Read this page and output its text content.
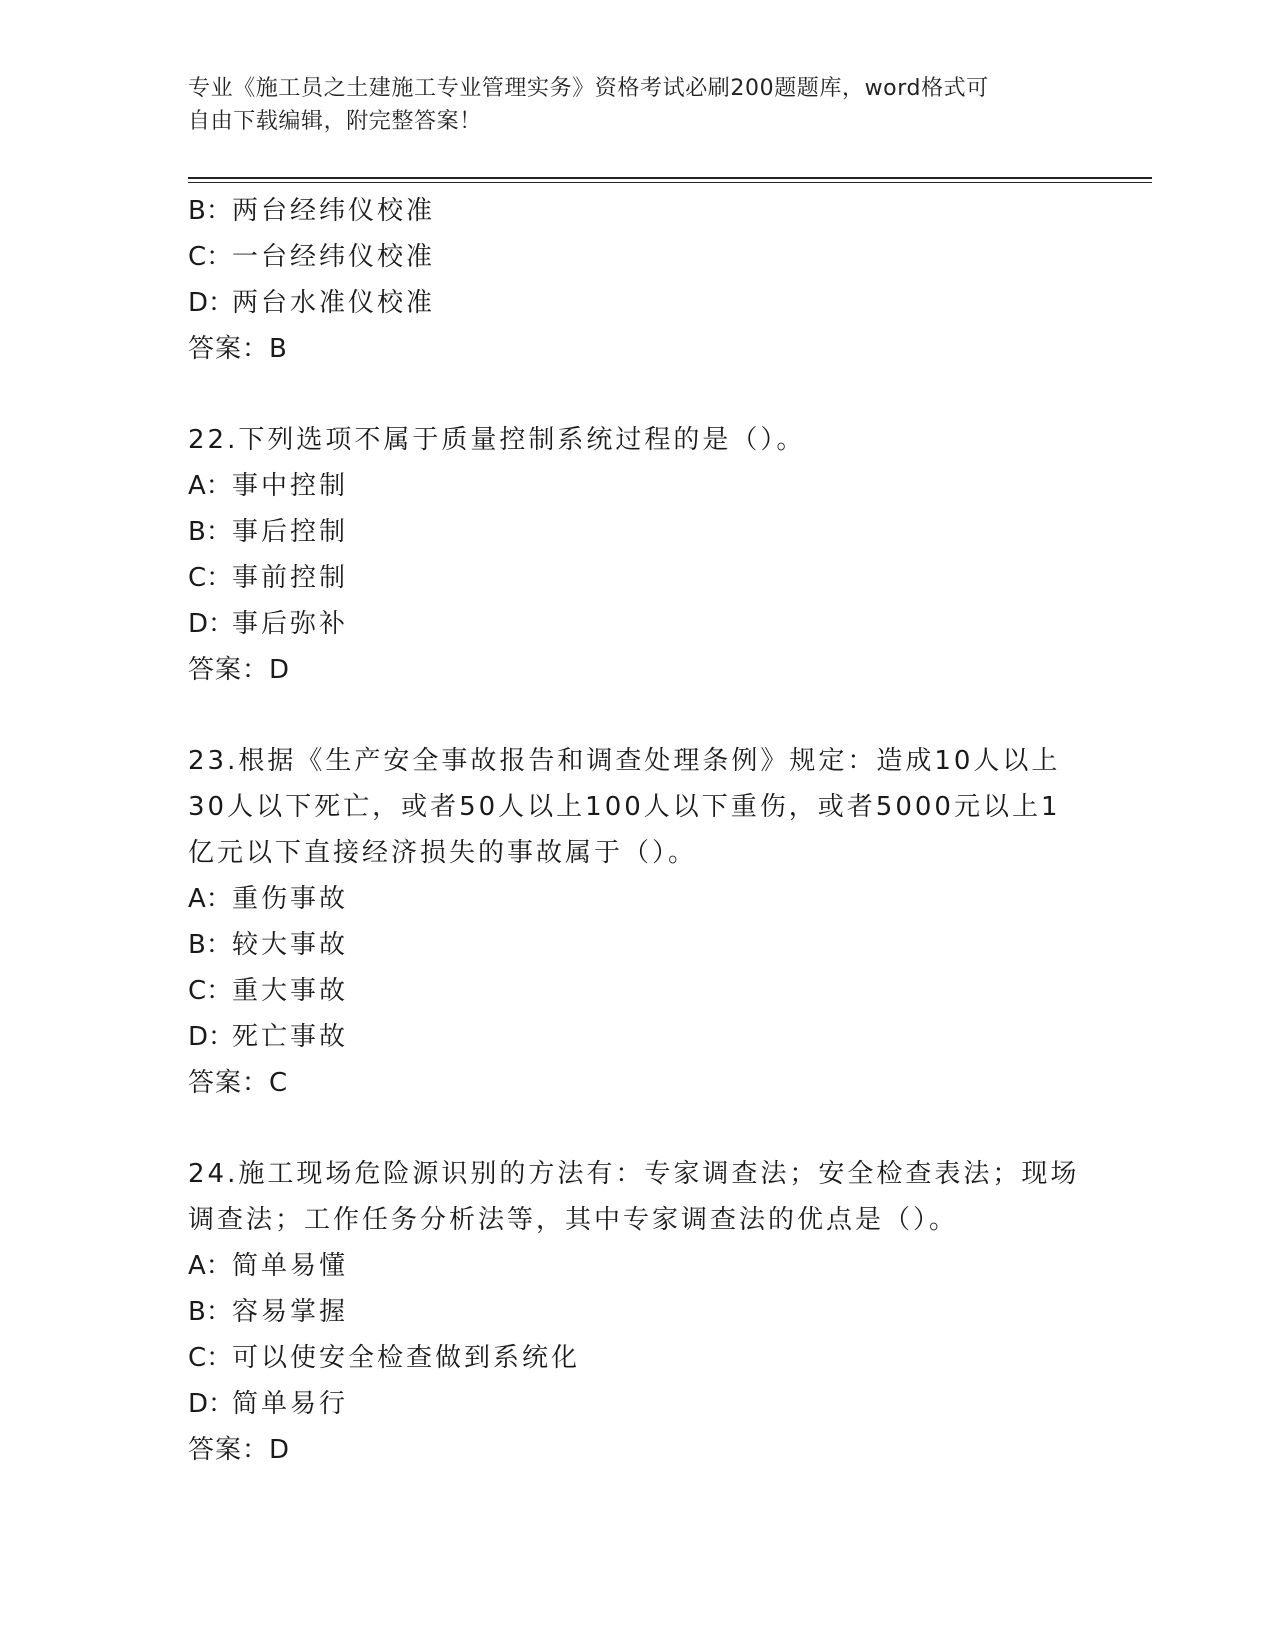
专业《施工员之土建施工专业管理实务》资格考试必刷200题题库，word格式可
自由下载编辑，附完整答案！
B：两台经纬仪校准
C：一台经纬仪校准
D：两台水准仪校准
答案：B
22.下列选项不属于质量控制系统过程的是（）。
A：事中控制
B：事后控制
C：事前控制
D：事后弥补
答案：D
23.根据《生产安全事故报告和调查处理条例》规定：造成10人以上
30人以下死亡，或者50人以上100人以下重伤，或者5000元以上1
亿元以下直接经济损失的事故属于（）。
A：重伤事故
B：较大事故
C：重大事故
D：死亡事故
答案：C
24.施工现场危险源识别的方法有：专家调查法；安全检查表法；现场
调查法；工作任务分析法等，其中专家调查法的优点是（）。
A：简单易懂
B：容易掌握
C：可以使安全检查做到系统化
D：简单易行
答案：D
